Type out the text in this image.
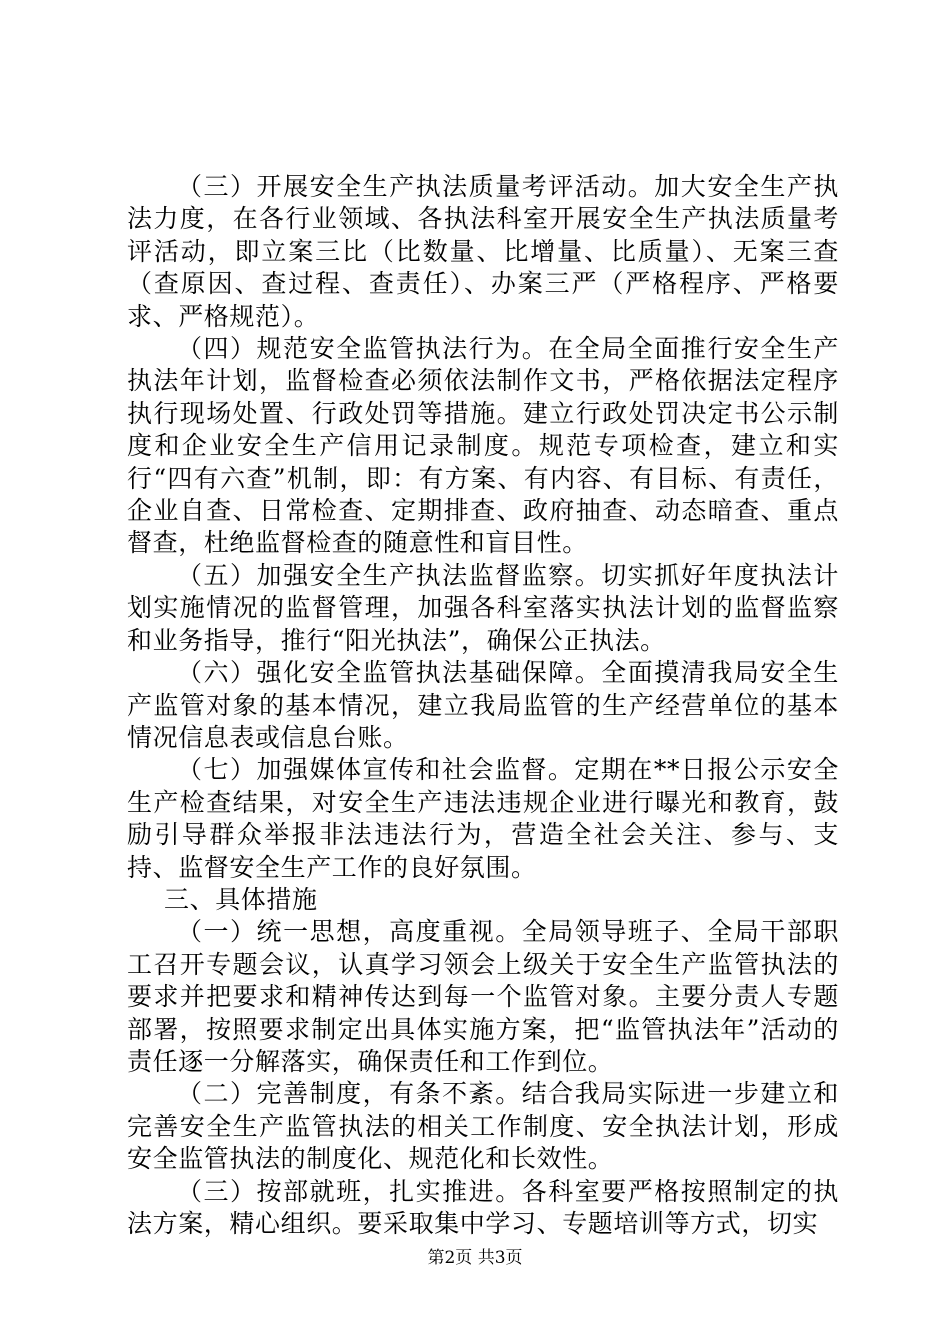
（三）开展安全生产执法质量考评活动。加大安全生产执法力度，在各行业领域、各执法科室开展安全生产执法质量考评活动，即立案三比（比数量、比增量、比质量）、无案三查（查原因、查过程、查责任）、办案三严（严格程序、严格要求、严格规范）。

（四）规范安全监管执法行为。在全局全面推行安全生产执法年计划，监督检查必须依法制作文书，严格依据法定程序执行现场处置、行政处罚等措施。建立行政处罚决定书公示制度和企业安全生产信用记录制度。规范专项检查，建立和实行“四有六查”机制，即：有方案、有内容、有目标、有责任，企业自查、日常检查、定期排查、政府抽查、动态暗查、重点督查，杜绝监督检查的随意性和盲目性。

（五）加强安全生产执法监督监察。切实抓好年度执法计划实施情况的监督管理，加强各科室落实执法计划的监督监察和业务指导，推行“阳光执法”，确保公正执法。

（六）强化安全监管执法基础保障。全面摸清我局安全生产监管对象的基本情况，建立我局监管的生产经营单位的基本情况信息表或信息台账。

（七）加强媒体宣传和社会监督。定期在**日报公示安全生产检查结果，对安全生产违法违规企业进行曝光和教育，鼓励引导群众举报非法违法行为，营造全社会关注、参与、支持、监督安全生产工作的良好氛围。

三、具体措施

（一）统一思想，高度重视。全局领导班子、全局干部职工召开专题会议，认真学习领会上级关于安全生产监管执法的要求并把要求和精神传达到每一个监管对象。主要分责人专题部署，按照要求制定出具体实施方案，把“监管执法年”活动的责任逐一分解落实，确保责任和工作到位。

（二）完善制度，有条不紊。结合我局实际进一步建立和完善安全生产监管执法的相关工作制度、安全执法计划，形成安全监管执法的制度化、规范化和长效性。

（三）按部就班，扎实推进。各科室要严格按照制定的执法方案，精心组织。要采取集中学习、专题培训等方式，切实

第2页 共3页
